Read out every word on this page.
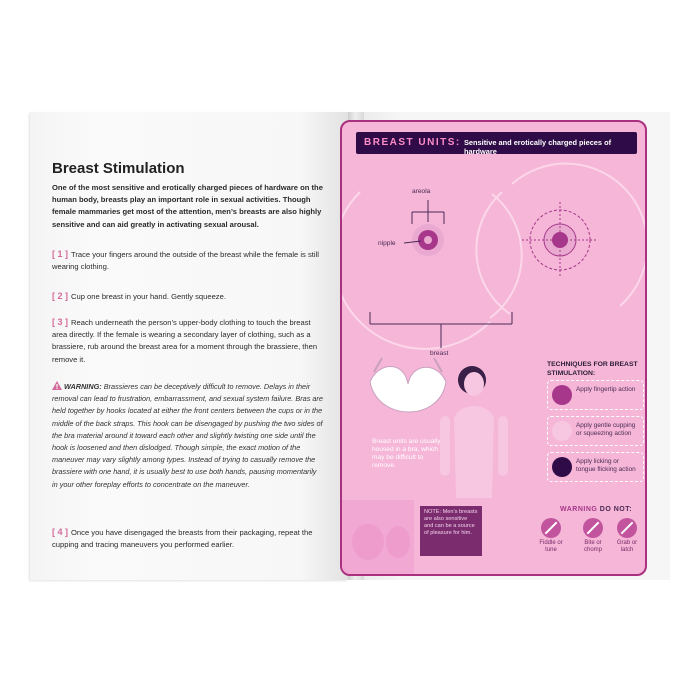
Breast Stimulation
One of the most sensitive and erotically charged pieces of hardware on the human body, breasts play an important role in sexual activities. Though female mammaries get most of the attention, men’s breasts are also highly sensitive and can aid greatly in activating sexual arousal.
[ 1 ] Trace your fingers around the outside of the breast while the female is still wearing clothing.
[ 2 ] Cup one breast in your hand. Gently squeeze.
[ 3 ] Reach underneath the person’s upper-body clothing to touch the breast area directly. If the female is wearing a secondary layer of clothing, such as a brassiere, rub around the breast area for a moment through the brassiere, then remove it.
WARNING: Brassieres can be deceptively difficult to remove. Delays in their removal can lead to frustration, embarrassment, and sexual system failure. Bras are held together by hooks located at either the front centers between the cups or in the middle of the back straps. This hook can be disengaged by pushing the two sides of the bra material around it toward each other and slightly twisting one side until the hook is loosened and then dislodged. Though simple, the exact motion of the maneuver may vary slightly among types. Instead of trying to casually remove the brassiere with one hand, it is usually best to use both hands, pausing momentarily in your other foreplay efforts to concentrate on the maneuver.
[ 4 ] Once you have disengaged the breasts from their packaging, repeat the cupping and tracing maneuvers you performed earlier.
BREAST UNITS: Sensitive and erotically charged pieces of hardware
areola
nipple
breast
Breast units are usually housed in a bra, which may be difficult to remove.
TECHNIQUES FOR BREAST STIMULATION:
Apply fingertip action
Apply gentle cupping or squeezing action
Apply licking or tongue flicking action
WARNING DO NOT:
Fiddle or tune
Bite or chomp
Grab or latch
NOTE: Men’s breasts are also sensitive and can be a source of pleasure for him.
